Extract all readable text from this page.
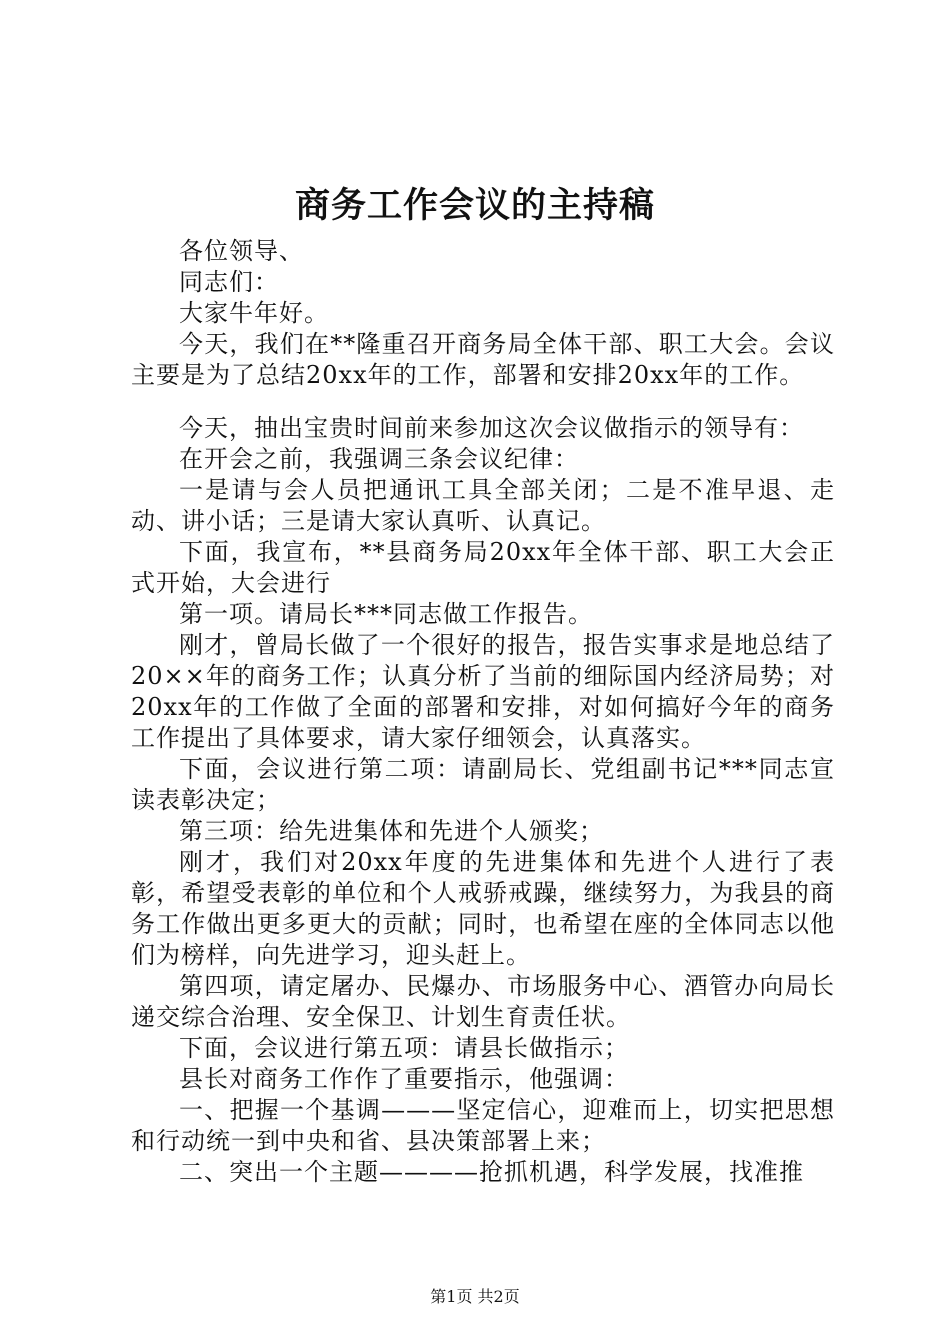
商务工作会议的主持稿

各位领导、

同志们：

大家牛年好。

今天，我们在**隆重召开商务局全体干部、职工大会。会议主要是为了总结20xx年的工作，部署和安排20xx年的工作。

今天，抽出宝贵时间前来参加这次会议做指示的领导有：

在开会之前，我强调三条会议纪律：

一是请与会人员把通讯工具全部关闭；二是不准早退、走动、讲小话；三是请大家认真听、认真记。

下面，我宣布，**县商务局20xx年全体干部、职工大会正式开始，大会进行

第一项。请局长***同志做工作报告。

刚才，曾局长做了一个很好的报告，报告实事求是地总结了20××年的商务工作；认真分析了当前的细际国内经济局势；对20xx年的工作做了全面的部署和安排，对如何搞好今年的商务工作提出了具体要求，请大家仔细领会，认真落实。

下面，会议进行第二项：请副局长、党组副书记***同志宣读表彰决定；

第三项：给先进集体和先进个人颁奖；

刚才，我们对20xx年度的先进集体和先进个人进行了表彰，希望受表彰的单位和个人戒骄戒躁，继续努力，为我县的商务工作做出更多更大的贡献；同时，也希望在座的全体同志以他们为榜样，向先进学习，迎头赶上。

第四项，请定屠办、民爆办、市场服务中心、酒管办向局长递交综合治理、安全保卫、计划生育责任状。

下面，会议进行第五项：请县长做指示；

县长对商务工作作了重要指示，他强调：

一、把握一个基调———坚定信心，迎难而上，切实把思想和行动统一到中央和省、县决策部署上来；

二、突出一个主题————抢抓机遇，科学发展，找准推

第1页 共2页
